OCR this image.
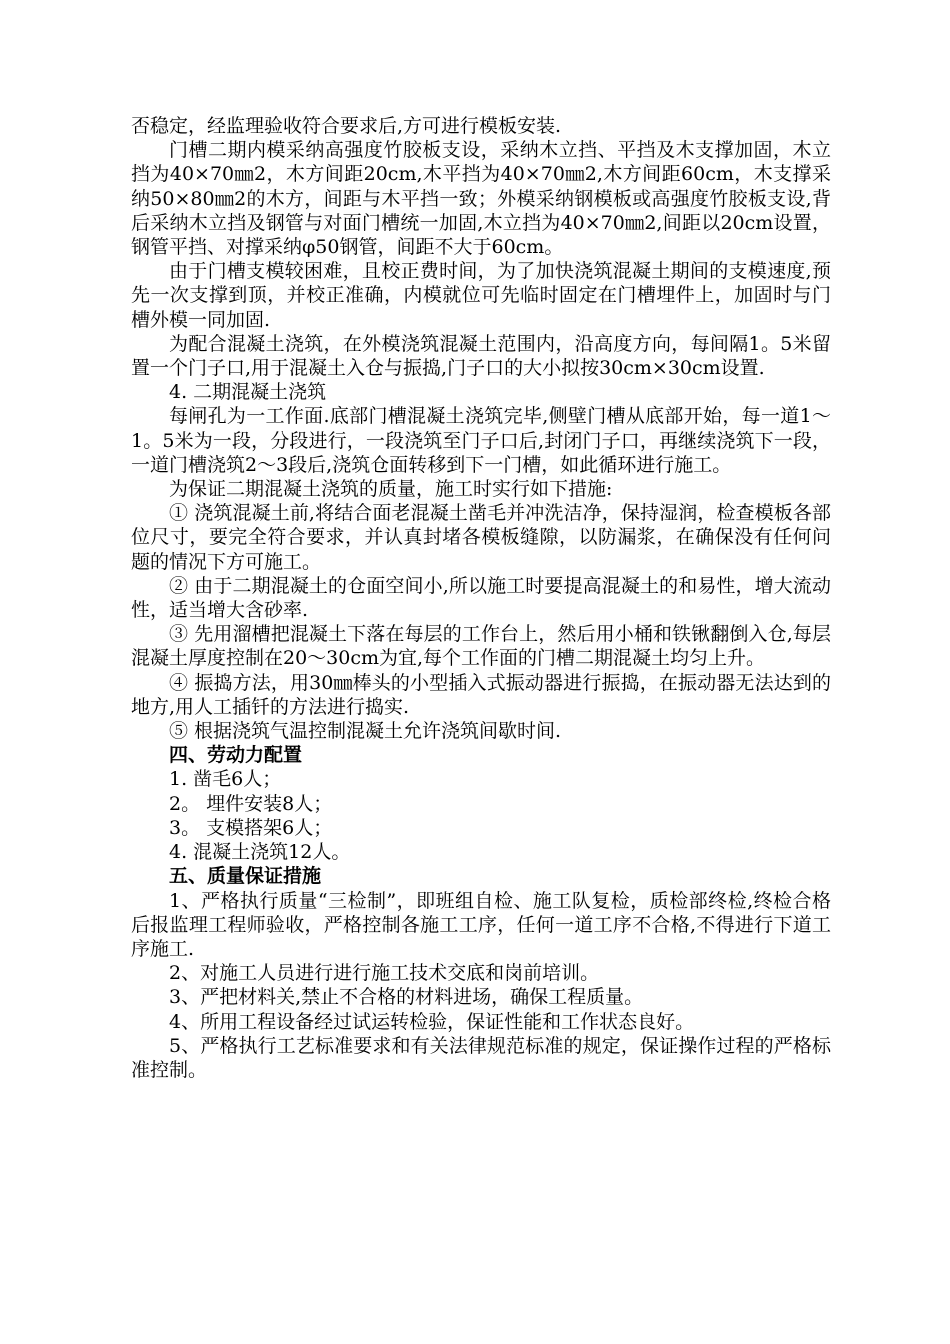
否稳定，经监理验收符合要求后,方可进行模板安装.

门槽二期内模采纳高强度竹胶板支设，采纳木立挡、平挡及木支撑加固，木立挡为40×70㎜2，木方间距20cm,木平挡为40×70㎜2,木方间距60cm，木支撑采纳50×80㎜2的木方，间距与木平挡一致；外模采纳钢模板或高强度竹胶板支设,背后采纳木立挡及钢管与对面门槽统一加固,木立挡为40×70㎜2,间距以20cm设置，钢管平挡、对撑采纳φ50钢管，间距不大于60cm。

由于门槽支模较困难，且校正费时间，为了加快浇筑混凝土期间的支模速度,预先一次支撑到顶，并校正准确，内模就位可先临时固定在门槽埋件上，加固时与门槽外模一同加固.

为配合混凝土浇筑，在外模浇筑混凝土范围内，沿高度方向，每间隔1。5米留置一个门子口,用于混凝土入仓与振捣,门子口的大小拟按30cm×30cm设置.

4. 二期混凝土浇筑

每闸孔为一工作面.底部门槽混凝土浇筑完毕,侧壁门槽从底部开始，每一道1～1。5米为一段，分段进行，一段浇筑至门子口后,封闭门子口，再继续浇筑下一段，一道门槽浇筑2～3段后,浇筑仓面转移到下一门槽，如此循环进行施工。

为保证二期混凝土浇筑的质量，施工时实行如下措施:

① 浇筑混凝土前,将结合面老混凝土凿毛并冲洗洁净，保持湿润，检查模板各部位尺寸，要完全符合要求，并认真封堵各模板缝隙，以防漏浆，在确保没有任何问题的情况下方可施工。

② 由于二期混凝土的仓面空间小,所以施工时要提高混凝土的和易性，增大流动性，适当增大含砂率.

③ 先用溜槽把混凝土下落在每层的工作台上，然后用小桶和铁锹翻倒入仓,每层混凝土厚度控制在20～30cm为宜,每个工作面的门槽二期混凝土均匀上升。

④ 振捣方法，用30㎜棒头的小型插入式振动器进行振捣，在振动器无法达到的地方,用人工插钎的方法进行捣实.

⑤ 根据浇筑气温控制混凝土允许浇筑间歇时间.

四、劳动力配置

1. 凿毛6人；

2。 埋件安装8人；

3。 支模搭架6人；

4. 混凝土浇筑12人。

五、质量保证措施

1、严格执行质量“三检制”，即班组自检、施工队复检，质检部终检,终检合格后报监理工程师验收，严格控制各施工工序，任何一道工序不合格,不得进行下道工序施工.

2、对施工人员进行进行施工技术交底和岗前培训。

3、严把材料关,禁止不合格的材料进场，确保工程质量。

4、所用工程设备经过试运转检验，保证性能和工作状态良好。

5、严格执行工艺标准要求和有关法律规范标准的规定，保证操作过程的严格标准控制。
